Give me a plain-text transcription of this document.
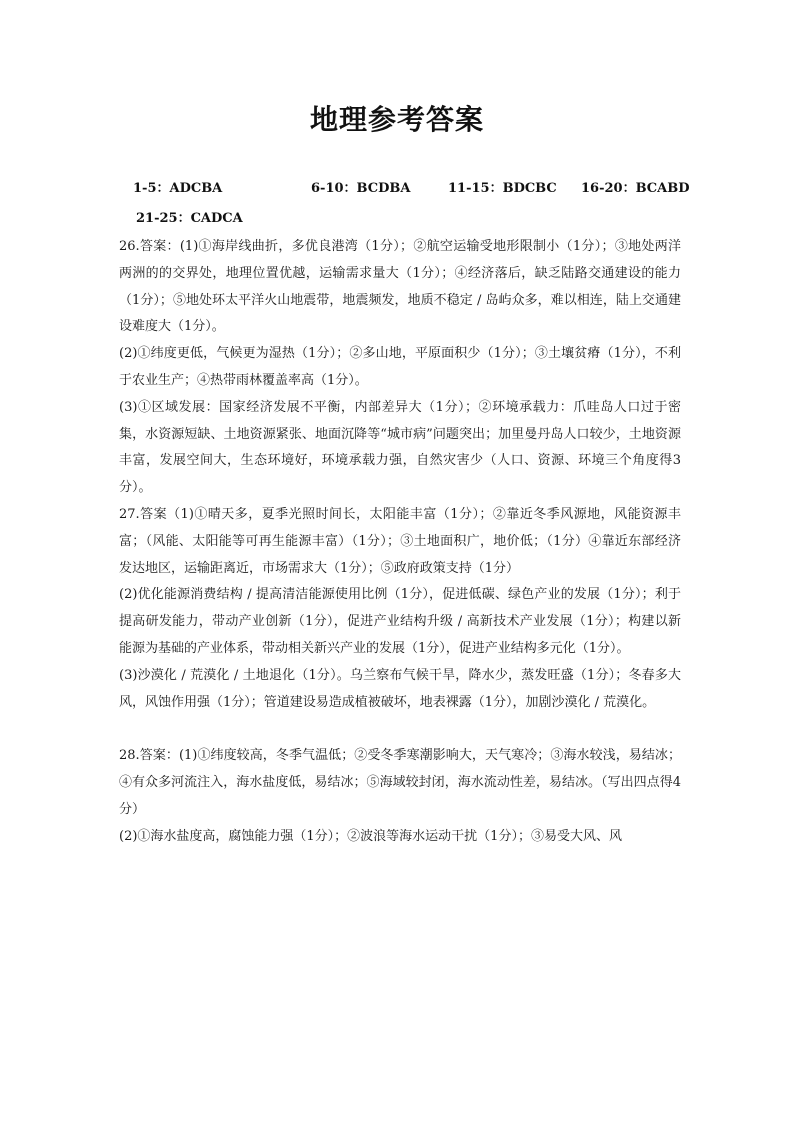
地理参考答案
1-5：ADCBA	6-10：BCDBA	11-15：BDCBC 16-20：BCABD
21-25：CADCA

26.答案：(1)①海岸线曲折，多优良港湾（1分）；②航空运输受地形限制小（1分）；③地处两洋两洲的的交界处，地理位置优越，运输需求量大（1分）；④经济落后，缺乏陆路交通建设的能力（1分）；⑤地处环太平洋火山地震带，地震频发，地质不稳定 / 岛屿众多，难以相连，陆上交通建设难度大（1分）。

(2)①纬度更低，气候更为湿热（1分）；②多山地，平原面积少（1分）；③土壤贫瘠（1分），不利于农业生产；④热带雨林覆盖率高（1分）。

(3)①区域发展：国家经济发展不平衡，内部差异大（1分）；②环境承载力：爪哇岛人口过于密集，水资源短缺、土地资源紧张、地面沉降等“城市病”问题突出；加里曼丹岛人口较少，土地资源丰富，发展空间大，生态环境好，环境承载力强，自然灾害少（人口、资源、环境三个角度得3分）。

27.答案（1)①晴天多，夏季光照时间长，太阳能丰富（1分）；②靠近冬季风源地，风能资源丰富；（风能、太阳能等可再生能源丰富）（1分）；③土地面积广，地价低；（1分）④靠近东部经济发达地区，运输距离近，市场需求大（1分）；⑤政府政策支持（1分）

(2)优化能源消费结构 / 提高清洁能源使用比例（1分），促进低碳、绿色产业的发展（1分）；利于提高研发能力，带动产业创新（1分），促进产业结构升级 / 高新技术产业发展（1分）；构建以新能源为基础的产业体系，带动相关新兴产业的发展（1分），促进产业结构多元化（1分）。

(3)沙漠化 / 荒漠化 / 土地退化（1分）。乌兰察布气候干旱，降水少，蒸发旺盛（1分）；冬春多大风，风蚀作用强（1分）；管道建设易造成植被破坏，地表裸露（1分），加剧沙漠化 / 荒漠化。

28.答案：(1)①纬度较高，冬季气温低；②受冬季寒潮影响大，天气寒冷；③海水较浅，易结冰；④有众多河流注入，海水盐度低，易结冰；⑤海域较封闭，海水流动性差，易结冰。（写出四点得4分）

(2)①海水盐度高，腐蚀能力强（1分）；②波浪等海水运动干扰（1分）；③易受大风、风
